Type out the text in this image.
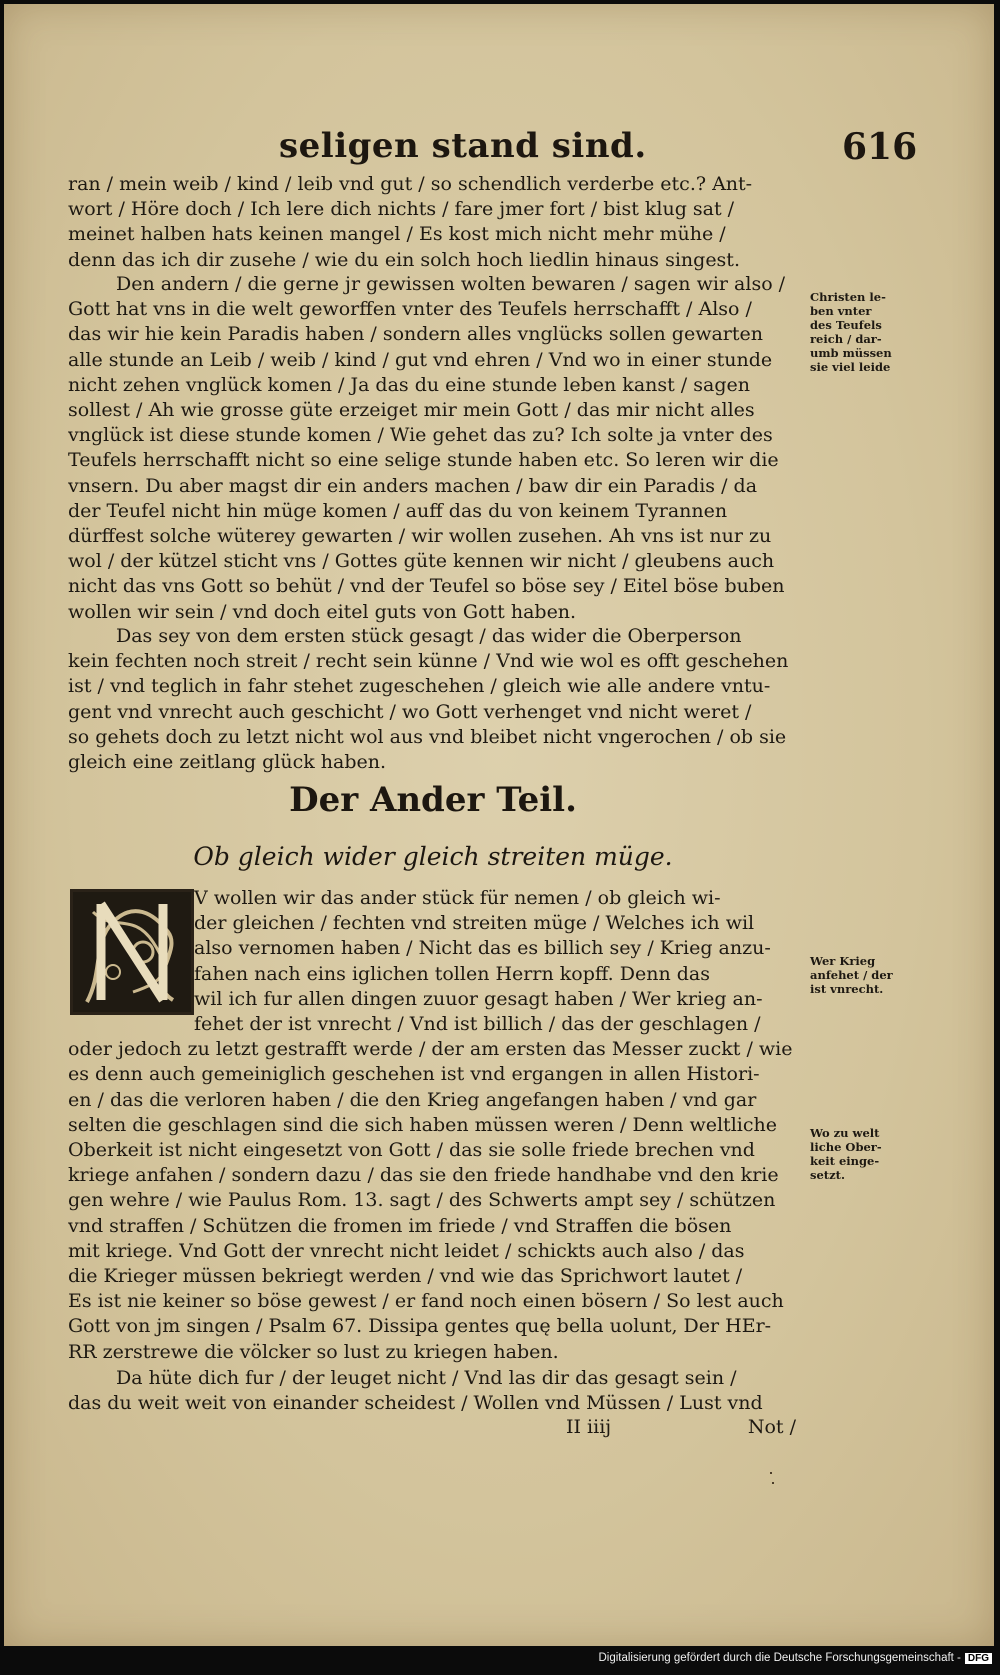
seligen stand sind.	616
ran / mein weib / kind / leib vnd gut / so schendlich verderbe etc.? Ant-
wort / Höre doch / Ich lere dich nichts / fare jmer fort / bist klug sat /
meinet halben hats keinen mangel / Es kost mich nicht mehr mühe /
denn das ich dir zusehe / wie du ein solch hoch liedlin hinaus singest.
Den andern / die gerne jr gewissen wolten bewaren / sagen wir also /
Gott hat vns in die welt geworffen vnter des Teufels herrschafft / Also /
das wir hie kein Paradis haben / sondern alles vnglücks sollen gewarten
alle stunde an Leib / weib / kind / gut vnd ehren / Vnd wo in einer stunde
nicht zehen vnglück komen / Ja das du eine stunde leben kanst / sagen
sollest / Ah wie grosse güte erzeiget mir mein Gott / das mir nicht alles
vnglück ist diese stunde komen / Wie gehet das zu? Ich solte ja vnter des
Teufels herrschafft nicht so eine selige stunde haben etc. So leren wir die
vnsern. Du aber magst dir ein anders machen / baw dir ein Paradis / da
der Teufel nicht hin müge komen / auff das du von keinem Tyrannen
dürffest solche wüterey gewarten / wir wollen zusehen. Ah vns ist nur zu
wol / der kützel sticht vns / Gottes güte kennen wir nicht / gleubens auch
nicht das vns Gott so behüt / vnd der Teufel so böse sey / Eitel böse buben
wollen wir sein / vnd doch eitel guts von Gott haben.
Das sey von dem ersten stück gesagt / das wider die Oberperson
kein fechten noch streit / recht sein künne / Vnd wie wol es offt geschehen
ist / vnd teglich in fahr stehet zugeschehen / gleich wie alle andere vntu-
gent vnd vnrecht auch geschicht / wo Gott verhenget vnd nicht weret /
so gehets doch zu letzt nicht wol aus vnd bleibet nicht vngerochen / ob sie
gleich eine zeitlang glück haben.
Der Ander Teil.
Ob gleich wider gleich streiten müge.
V wollen wir das ander stück für nemen / ob gleich wi-
der gleichen / fechten vnd streiten müge / Welches ich wil
also vernomen haben / Nicht das es billich sey / Krieg anzu-
fahen nach eins iglichen tollen Herrn kopff. Denn das
wil ich fur allen dingen zuuor gesagt haben / Wer krieg an-
fehet der ist vnrecht / Vnd ist billich / das der geschlagen /
oder jedoch zu letzt gestrafft werde / der am ersten das Messer zuckt / wie
es denn auch gemeiniglich geschehen ist vnd ergangen in allen Histori-
en / das die verloren haben / die den Krieg angefangen haben / vnd gar
selten die geschlagen sind die sich haben müssen weren / Denn weltliche
Oberkeit ist nicht eingesetzt von Gott / das sie solle friede brechen vnd
kriege anfahen / sondern dazu / das sie den friede handhabe vnd den krie
gen wehre / wie Paulus Rom. 13. sagt / des Schwerts ampt sey / schützen
vnd straffen / Schützen die fromen im friede / vnd Straffen die bösen
mit kriege. Vnd Gott der vnrecht nicht leidet / schickts auch also / das
die Krieger müssen bekriegt werden / vnd wie das Sprichwort lautet /
Es ist nie keiner so böse gewest / er fand noch einen bösern / So lest auch
Gott von jm singen / Psalm 67. Dissipa gentes quę bella uolunt, Der HEr-
RR zerstrewe die völcker so lust zu kriegen haben.
Da hüte dich fur / der leuget nicht / Vnd las dir das gesagt sein /
das du weit weit von einander scheidest / Wollen vnd Müssen / Lust vnd
II iiij	Not /
Christen le-
ben vnter
des Teufels
reich / dar-
umb müssen
sie viel leide
Wer Krieg
anfehet / der
ist vnrecht.
Wo zu welt
liche Ober-
keit einge-
setzt.
Digitalisierung gefördert durch die Deutsche Forschungsgemeinschaft - DFG
